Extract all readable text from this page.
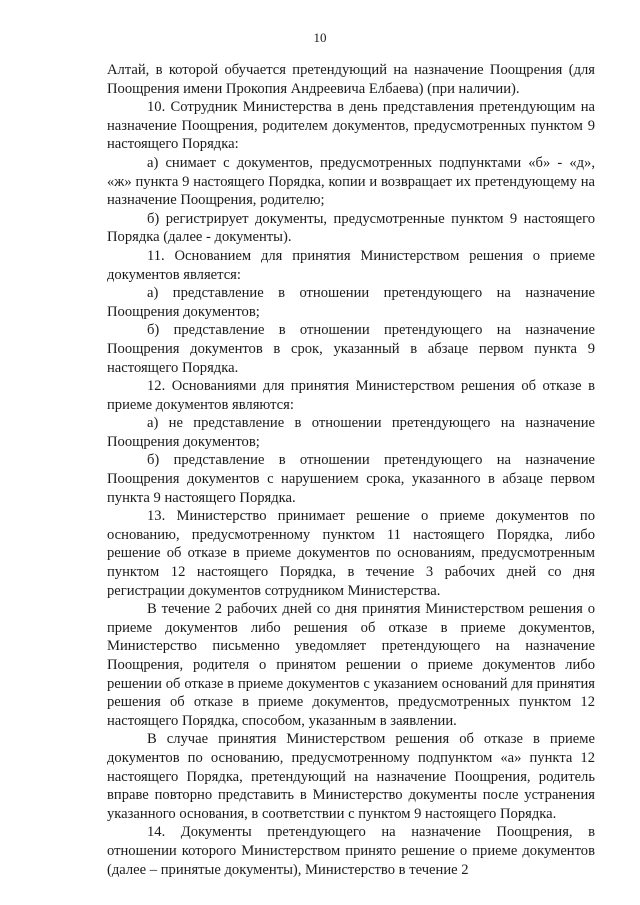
10

Алтай, в которой обучается претендующий на назначение Поощрения (для Поощрения имени Прокопия Андреевича Елбаева) (при наличии).

10. Сотрудник Министерства в день представления претендующим на назначение Поощрения, родителем документов, предусмотренных пунктом 9 настоящего Порядка:

а) снимает с документов, предусмотренных подпунктами «б» - «д», «ж» пункта 9 настоящего Порядка, копии и возвращает их претендующему на назначение Поощрения, родителю;

б) регистрирует документы, предусмотренные пунктом 9 настоящего Порядка (далее - документы).

11. Основанием для принятия Министерством решения о приеме документов является:

а) представление в отношении претендующего на назначение Поощрения документов;

б) представление в отношении претендующего на назначение Поощрения документов в срок, указанный в абзаце первом пункта 9 настоящего Порядка.

12. Основаниями для принятия Министерством решения об отказе в приеме документов являются:

а) не представление в отношении претендующего на назначение Поощрения документов;

б) представление в отношении претендующего на назначение Поощрения документов с нарушением срока, указанного в абзаце первом пункта 9 настоящего Порядка.

13. Министерство принимает решение о приеме документов по основанию, предусмотренному пунктом 11 настоящего Порядка, либо решение об отказе в приеме документов по основаниям, предусмотренным пунктом 12 настоящего Порядка, в течение 3 рабочих дней со дня регистрации документов сотрудником Министерства.

В течение 2 рабочих дней со дня принятия Министерством решения о приеме документов либо решения об отказе в приеме документов, Министерство письменно уведомляет претендующего на назначение Поощрения, родителя о принятом решении о приеме документов либо решении об отказе в приеме документов с указанием оснований для принятия решения об отказе в приеме документов, предусмотренных пунктом 12 настоящего Порядка, способом, указанным в заявлении.

В случае принятия Министерством решения об отказе в приеме документов по основанию, предусмотренному подпунктом «а» пункта 12 настоящего Порядка, претендующий на назначение Поощрения, родитель вправе повторно представить в Министерство документы после устранения указанного основания, в соответствии с пунктом 9 настоящего Порядка.

14. Документы претендующего на назначение Поощрения, в отношении которого Министерством принято решение о приеме документов (далее – принятые документы), Министерство в течение 2
